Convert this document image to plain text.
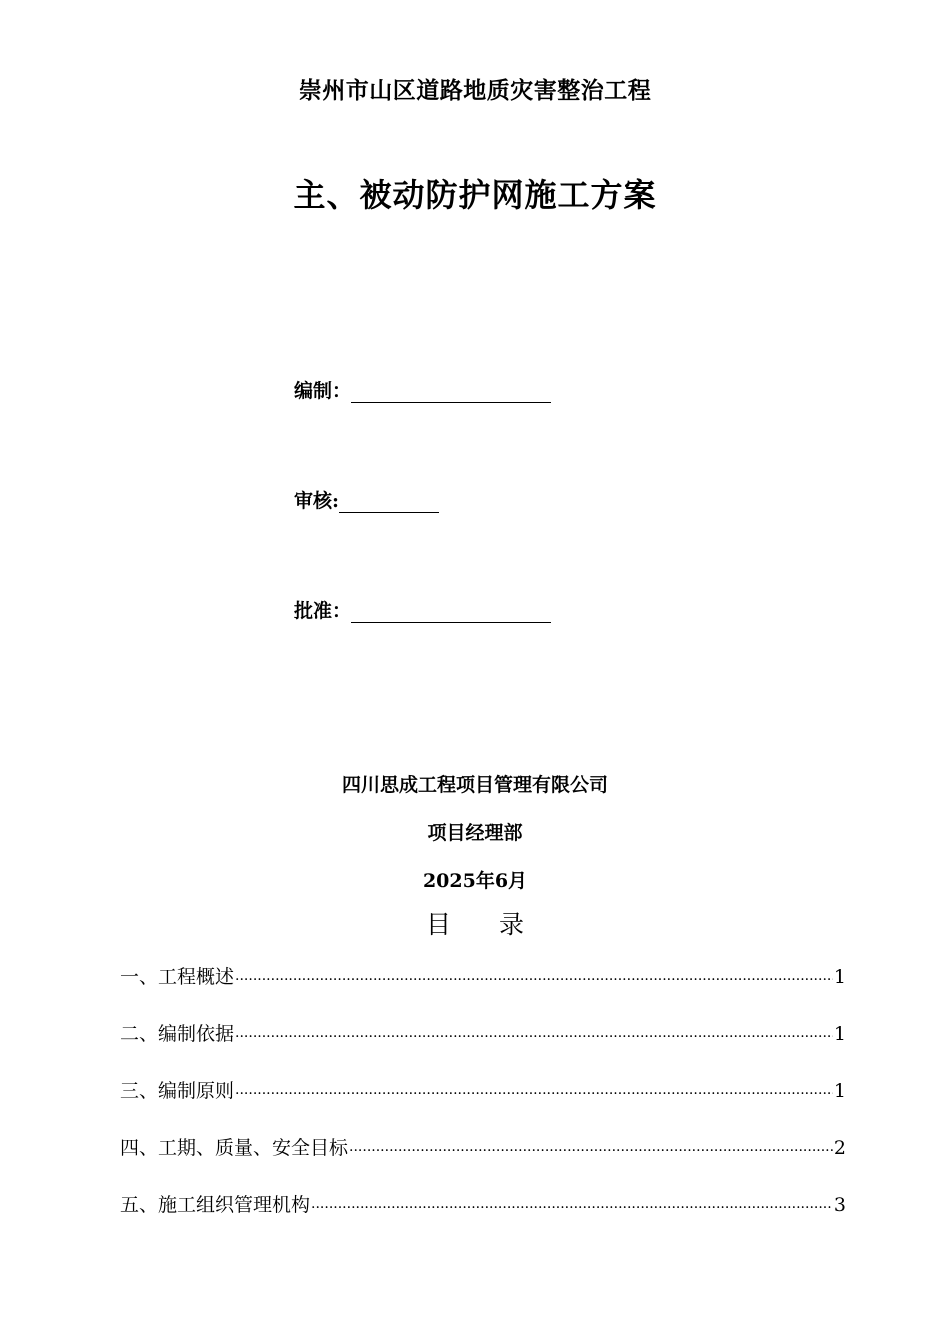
崇州市山区道路地质灾害整治工程
主、被动防护网施工方案
编制：
审核:
批准：
四川思成工程项目管理有限公司
项目经理部
2025年6月
目 录
一、工程概述 .....	1
二、编制依据 .....	1
三、编制原则 .....	1
四、工期、质量、安全目标 .....	2
五、施工组织管理机构 .....	3
